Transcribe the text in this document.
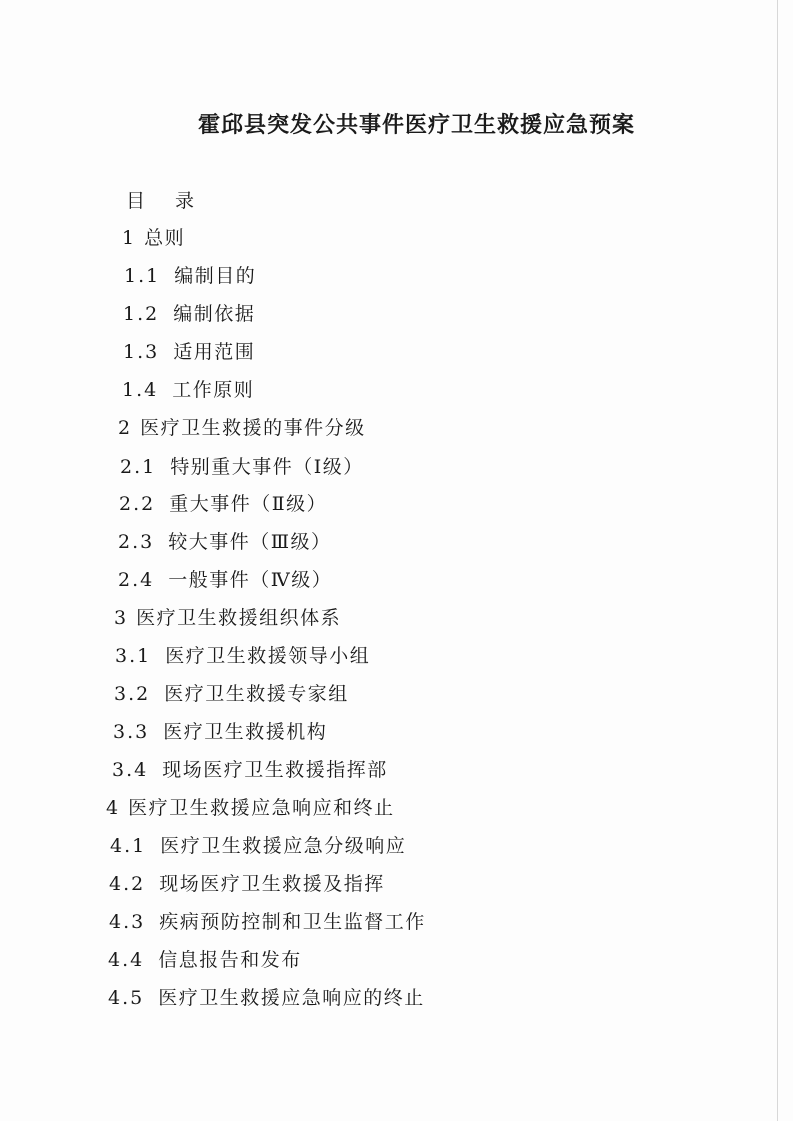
霍邱县突发公共事件医疗卫生救援应急预案
目 录
1 总则
1.1 编制目的
1.2 编制依据
1.3 适用范围
1.4 工作原则
2 医疗卫生救援的事件分级
2.1 特别重大事件（Ⅰ级）
2.2 重大事件（Ⅱ级）
2.3 较大事件（Ⅲ级）
2.4 一般事件（Ⅳ级）
3 医疗卫生救援组织体系
3.1 医疗卫生救援领导小组
3.2 医疗卫生救援专家组
3.3 医疗卫生救援机构
3.4 现场医疗卫生救援指挥部
4 医疗卫生救援应急响应和终止
4.1 医疗卫生救援应急分级响应
4.2 现场医疗卫生救援及指挥
4.3 疾病预防控制和卫生监督工作
4.4 信息报告和发布
4.5 医疗卫生救援应急响应的终止
